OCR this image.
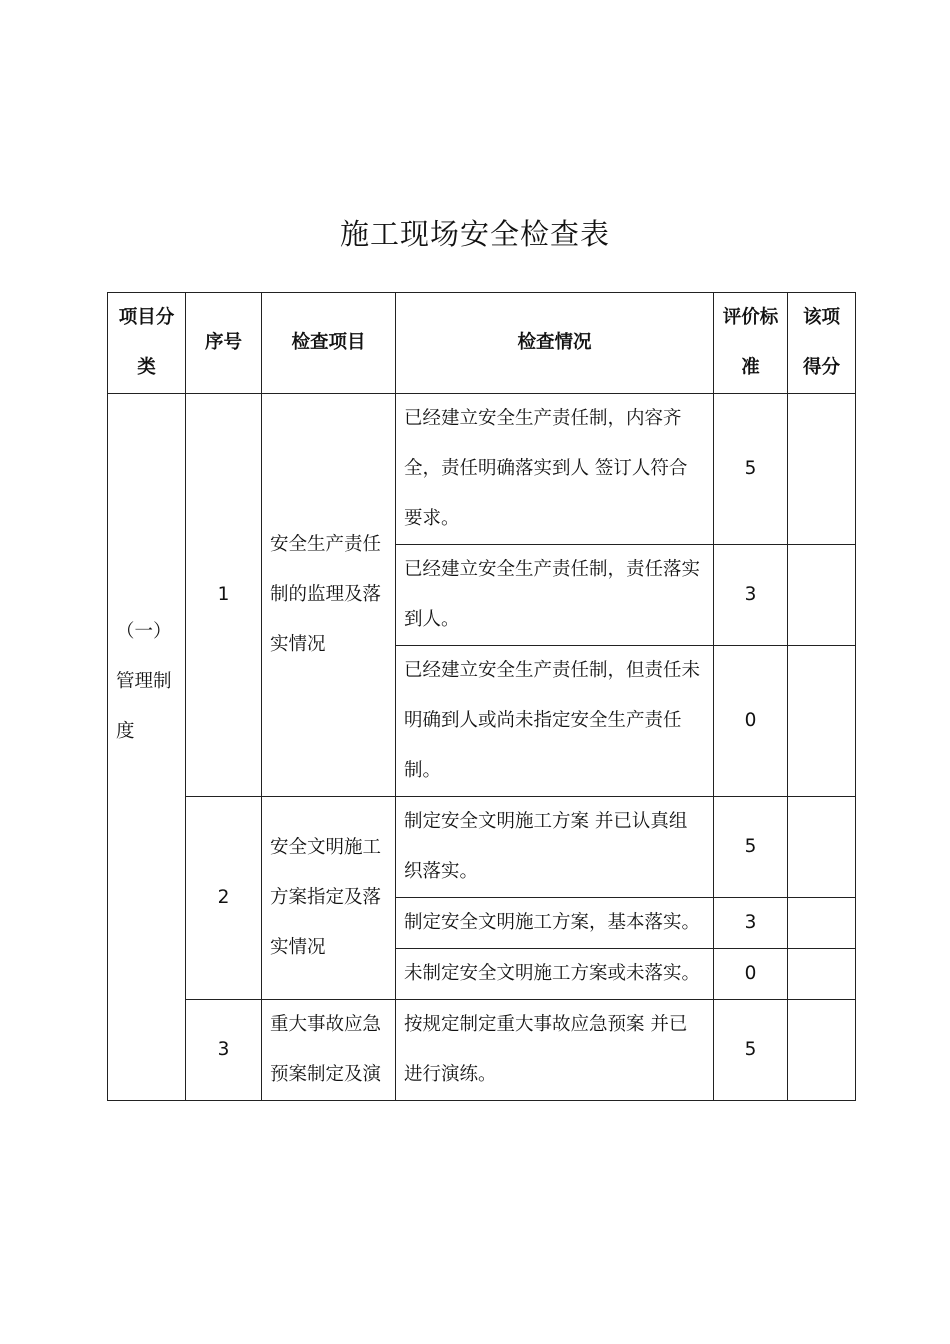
施工现场安全检查表
项目分类	序号	检查项目	检查情况	评价标准	该项得分

（一）管理制度	1	安全生产责任制的监理及落实情况	已经建立安全生产责任制，内容齐全，责任明确落实到人 签订人符合要求。	5	
			已经建立安全生产责任制，责任落实到人。	3	
			已经建立安全生产责任制，但责任未明确到人或尚未指定安全生产责任制。	0	
	2	安全文明施工方案指定及落实情况	制定安全文明施工方案 并已认真组织落实。	5	
			制定安全文明施工方案，基本落实。	3	
			未制定安全文明施工方案或未落实。	0	
	3	重大事故应急预案制定及演	按规定制定重大事故应急预案 并已进行演练。	5	
